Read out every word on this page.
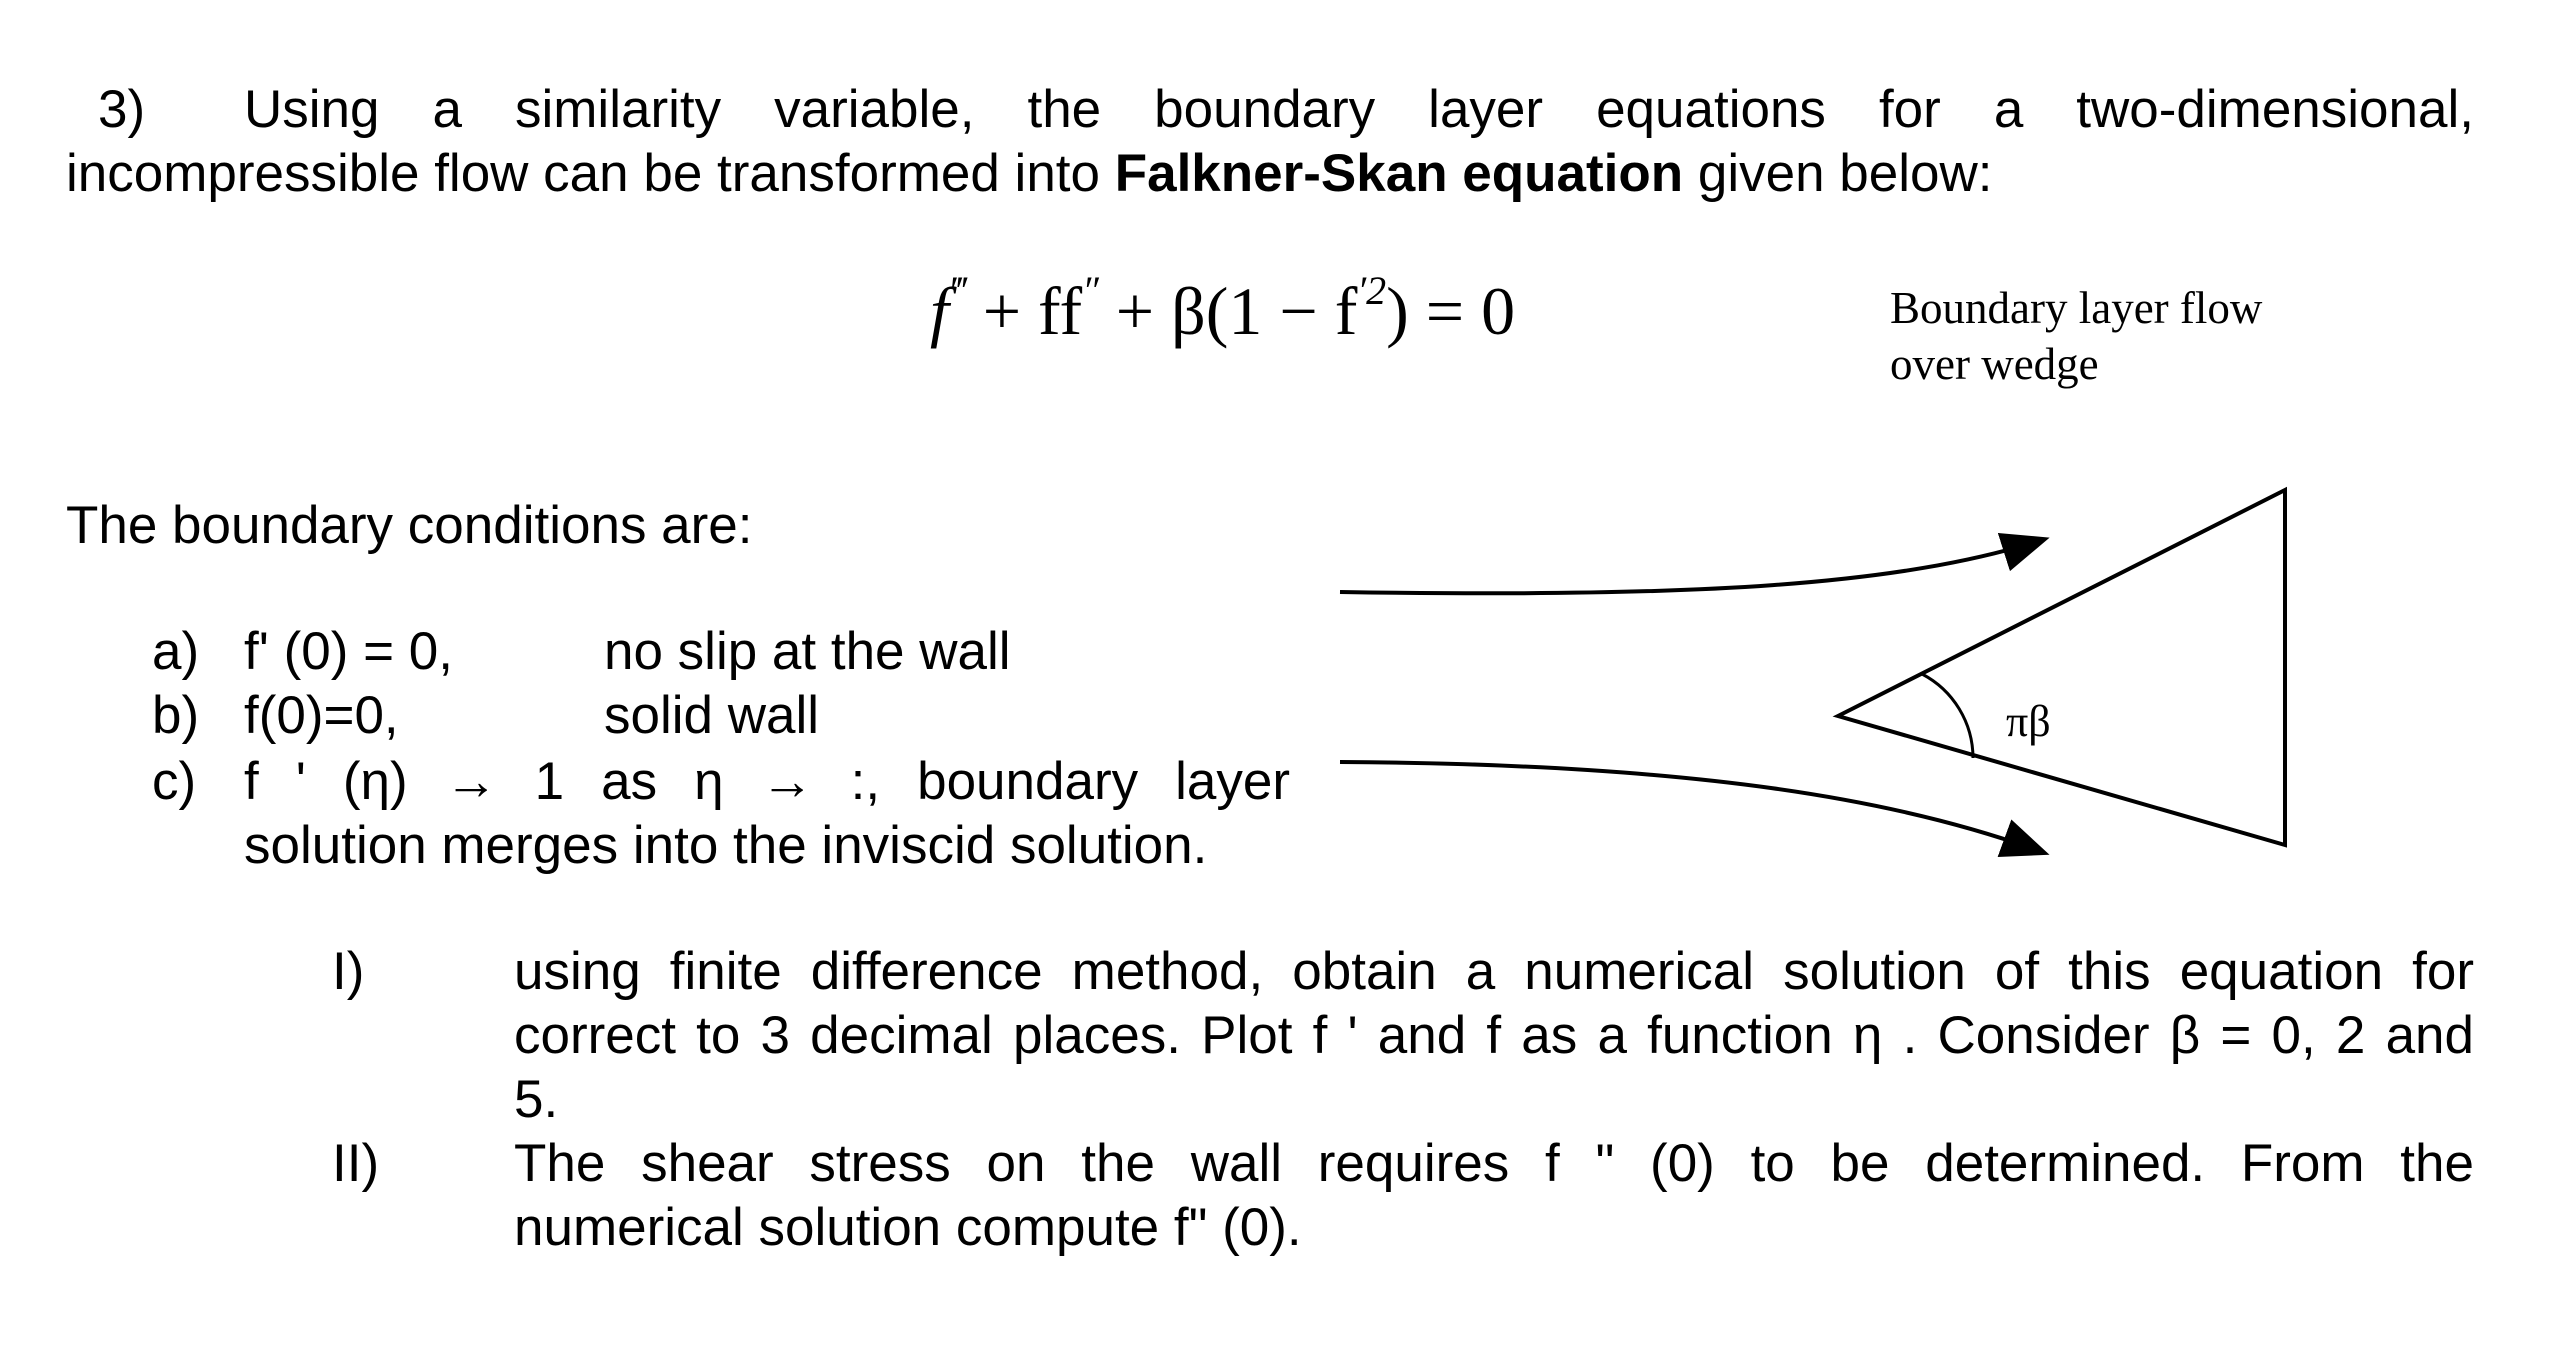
3) Using a similarity variable, the boundary layer equations for a two-dimensional,
incompressible flow can be transformed into Falkner-Skan equation given below:
$f^‴ + ff'' + \beta(1 - f^{'2}) = 0$	Boundary layer flow
over wedge
The boundary conditions are:
a) f' (0) = 0,	no slip at the wall
b) f(0)=0,	solid wall
c) f ' (η) → 1 as η → :, boundary layer
solution merges into the inviscid solution.
πβ
I)	using finite difference method, obtain a numerical solution of this equation for
correct to 3 decimal places. Plot f ' and f as a function η . Consider β = 0, 2 and
5.
II)	The shear stress on the wall requires f " (0) to be determined. From the
numerical solution compute f" (0).
